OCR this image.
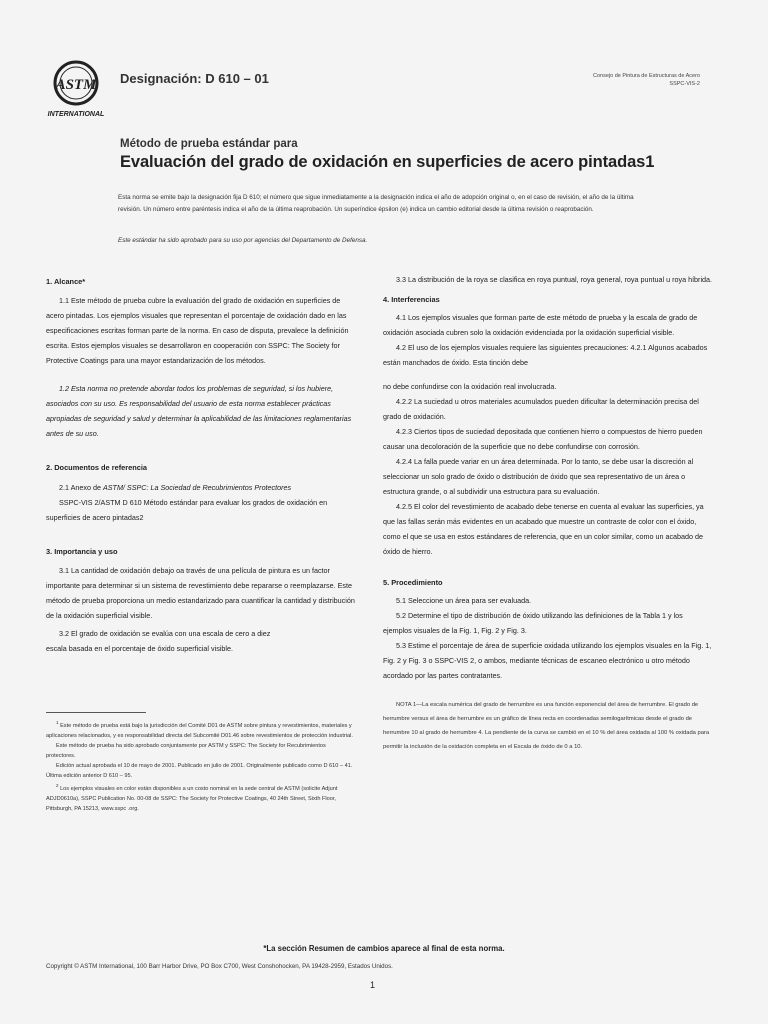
ASTM
INTERNATIONAL
Designación: D 610 – 01	Consejo de Pintura de Estructuras de Acero
SSPC-VIS-2
Método de prueba estándar para
Evaluación del grado de oxidación en superficies de acero pintadas1
Esta norma se emite bajo la designación fija D 610; el número que sigue inmediatamente a la designación indica el año de adopción original o, en el caso de revisión, el año de la última revisión. Un número entre paréntesis indica el año de la última reaprobación. Un superíndice épsilon (e) indica un cambio editorial desde la última revisión o reaprobación.
Este estándar ha sido aprobado para su uso por agencias del Departamento de Defensa.

1. Alcance*

1.1 Este método de prueba cubre la evaluación del grado de oxidación en superficies de acero pintadas. Los ejemplos visuales que representan el porcentaje de oxidación dado en las especificaciones escritas forman parte de la norma. En caso de disputa, prevalece la definición escrita. Estos ejemplos visuales se desarrollaron en cooperación con SSPC: The Society for Protective Coatings para una mayor estandarización de los métodos.

1.2 Esta norma no pretende abordar todos los problemas de seguridad, si los hubiere, asociados con su uso. Es responsabilidad del usuario de esta norma establecer prácticas apropiadas de seguridad y salud y determinar la aplicabilidad de las limitaciones reglamentarias antes de su uso.

2. Documentos de referencia

2.1 Anexo de ASTM/ SSPC: La Sociedad de Recubrimientos Protectores

SSPC-VIS 2/ASTM D 610 Método estándar para evaluar los grados de oxidación en superficies de acero pintadas2

3. Importancia y uso

3.1 La cantidad de oxidación debajo oa través de una película de pintura es un factor importante para determinar si un sistema de revestimiento debe repararse o reemplazarse. Este método de prueba proporciona un medio estandarizado para cuantificar la cantidad y distribución de la oxidación superficial visible.

3.2 El grado de oxidación se evalúa con una escala de cero a diez

escala basada en el porcentaje de óxido superficial visible.

$^1$ Este método de prueba está bajo la jurisdicción del Comité D01 de ASTM sobre pintura y revestimientos, materiales y aplicaciones relacionados, y es responsabilidad directa del Subcomité D01.46 sobre revestimientos de protección industrial.

Este método de prueba ha sido aprobado conjuntamente por ASTM y SSPC: The Society for Recubrimientos protectores.

Edición actual aprobada el 10 de mayo de 2001. Publicado en julio de 2001. Originalmente publicado como D 610 – 41. Última edición anterior D 610 – 95.

$^2$ Los ejemplos visuales en color están disponibles a un costo nominal en la sede central de ASTM (solicite Adjunt ADJD0610a), SSPC Publication No. 00-08 de SSPC: The Society for Protective Coatings, 40 24th Street, Sixth Floor, Pittsburgh, PA 15213, www.sspc .org.

3.3 La distribución de la roya se clasifica en roya puntual, roya general, roya puntual u roya híbrida.

4. Interferencias

4.1 Los ejemplos visuales que forman parte de este método de prueba y la escala de grado de oxidación asociada cubren solo la oxidación evidenciada por la oxidación superficial visible.

4.2 El uso de los ejemplos visuales requiere las siguientes precauciones: 4.2.1 Algunos acabados están manchados de óxido. Esta tinción debe

no debe confundirse con la oxidación real involucrada.

4.2.2 La suciedad u otros materiales acumulados pueden dificultar la determinación precisa del grado de oxidación.

4.2.3 Ciertos tipos de suciedad depositada que contienen hierro o compuestos de hierro pueden causar una decoloración de la superficie que no debe confundirse con corrosión.

4.2.4 La falla puede variar en un área determinada. Por lo tanto, se debe usar la discreción al seleccionar un solo grado de óxido o distribución de óxido que sea representativo de un área o estructura grande, o al subdividir una estructura para su evaluación.

4.2.5 El color del revestimiento de acabado debe tenerse en cuenta al evaluar las superficies, ya que las fallas serán más evidentes en un acabado que muestre un contraste de color con el óxido, como el que se usa en estos estándares de referencia, que en un color similar, como un acabado de óxido de hierro.

5. Procedimiento

5.1 Seleccione un área para ser evaluada.

5.2 Determine el tipo de distribución de óxido utilizando las definiciones de la Tabla 1 y los ejemplos visuales de la Fig. 1, Fig. 2 y Fig. 3.

5.3 Estime el porcentaje de área de superficie oxidada utilizando los ejemplos visuales en la Fig. 1, Fig. 2 y Fig. 3 o SSPC-VIS 2, o ambos, mediante técnicas de escaneo electrónico u otro método acordado por las partes contratantes.

NOTA 1—La escala numérica del grado de herrumbre es una función exponencial del área de herrumbre. El grado de herrumbre versus el área de herrumbre es un gráfico de línea recta en coordenadas semilogarítmicas desde el grado de herrumbre 10 al grado de herrumbre 4. La pendiente de la curva se cambió en el 10 % del área oxidada al 100 % oxidada para permitir la inclusión de la oxidación completa en el Escala de óxido de 0 a 10.

*La sección Resumen de cambios aparece al final de esta norma.
Copyright © ASTM International, 100 Barr Harbor Drive, PO Box C700, West Conshohocken, PA 19428-2959, Estados Unidos.
1
